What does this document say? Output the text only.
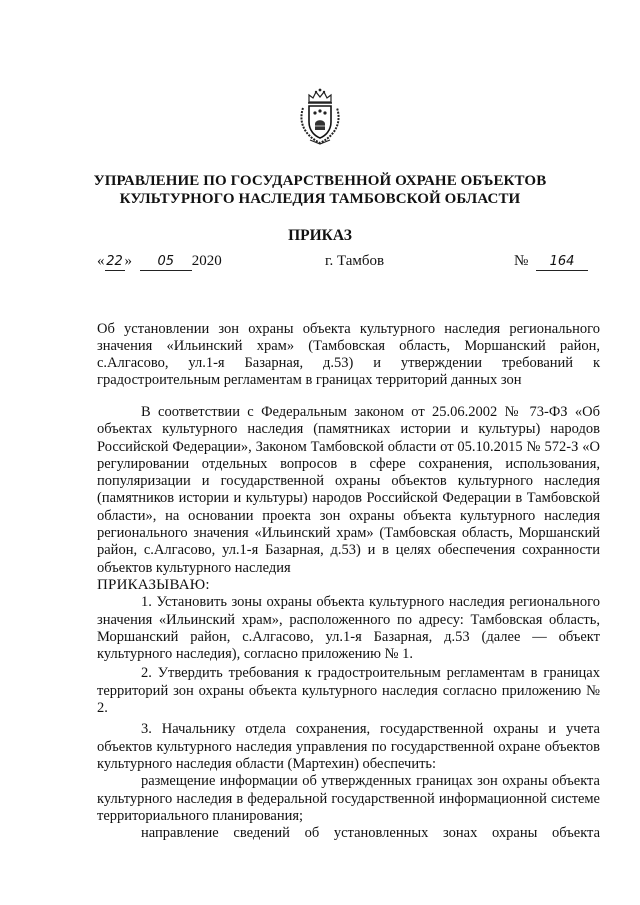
УПРАВЛЕНИЕ ПО ГОСУДАРСТВЕННОЙ ОХРАНЕ ОБЪЕКТОВ
КУЛЬТУРНОГО НАСЛЕДИЯ ТАМБОВСКОЙ ОБЛАСТИ
ПРИКАЗ
« 22 » 05 2020	г. Тамбов	№ 164
Об установлении зон охраны объекта культурного наследия регионального значения «Ильинский храм» (Тамбовская область, Моршанский район, с.Алгасово, ул.1-я Базарная, д.53) и утверждении требований к градостроительным регламентам в границах территорий данных зон

В соответствии с Федеральным законом от 25.06.2002 № 73-ФЗ «Об объектах культурного наследия (памятниках истории и культуры) народов Российской Федерации», Законом Тамбовской области от 05.10.2015 № 572-З «О регулировании отдельных вопросов в сфере сохранения, использования, популяризации и государственной охраны объектов культурного наследия (памятников истории и культуры) народов Российской Федерации в Тамбовской области», на основании проекта зон охраны объекта культурного наследия регионального значения «Ильинский храм» (Тамбовская область, Моршанский район, с.Алгасово, ул.1-я Базарная, д.53) и в целях обеспечения сохранности объектов культурного наследия

ПРИКАЗЫВАЮ:

1. Установить зоны охраны объекта культурного наследия регионального значения «Ильинский храм», расположенного по адресу: Тамбовская область, Моршанский район, с.Алгасово, ул.1-я Базарная, д.53 (далее — объект культурного наследия), согласно приложению № 1.

2. Утвердить требования к градостроительным регламентам в границах территорий зон охраны объекта культурного наследия согласно приложению № 2.

3. Начальнику отдела сохранения, государственной охраны и учета объектов культурного наследия управления по государственной охране объектов культурного наследия области (Мартехин) обеспечить:

размещение информации об утвержденных границах зон охраны объекта культурного наследия в федеральной государственной информационной системе территориального планирования;

направление сведений об установленных зонах охраны объекта
